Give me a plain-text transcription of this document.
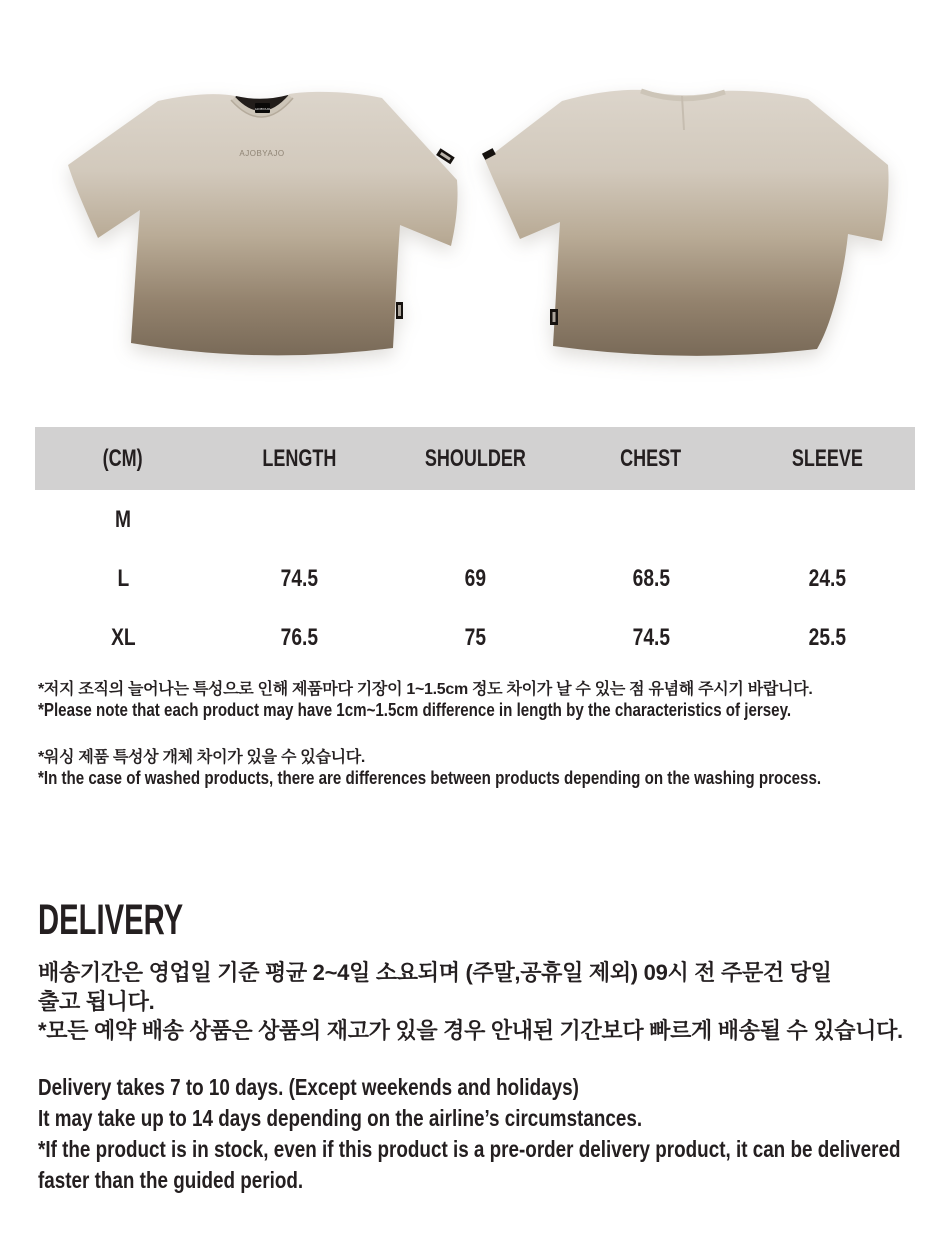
AJOBYAJO
AJOBYAJO
(CM)	LENGTH	SHOULDER	CHEST	SLEEVE
M
L	74.5	69	68.5	24.5
XL	76.5	75	74.5	25.5

*저지 조직의 늘어나는 특성으로 인해 제품마다 기장이 1~1.5cm 정도 차이가 날 수 있는 점 유념해 주시기 바랍니다.

*Please note that each product may have 1cm~1.5cm difference in length by the characteristics of jersey.

*워싱 제품 특성상 개체 차이가 있을 수 있습니다.

*In the case of washed products, there are differences between products depending on the washing process.

DELIVERY
배송기간은 영업일 기준 평균 2~4일 소요되며 (주말,공휴일 제외) 09시 전 주문건 당일
출고 됩니다.
*모든 예약 배송 상품은 상품의 재고가 있을 경우 안내된 기간보다 빠르게 배송될 수 있습니다.
Delivery takes 7 to 10 days. (Except weekends and holidays)
It may take up to 14 days depending on the airline’s circumstances.
*If the product is in stock, even if this product is a pre-order delivery product, it can be delivered
faster than the guided period.
